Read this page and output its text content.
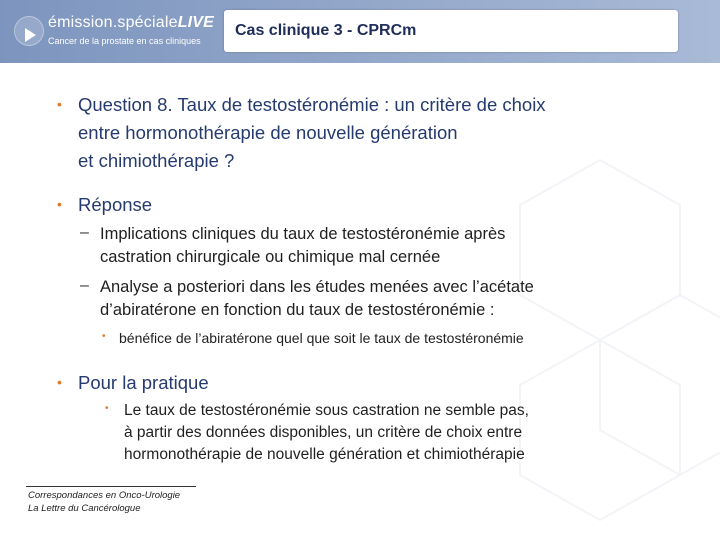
émission.spécialeLIVE
Cancer de la prostate en cas cliniques
Cas clinique 3 - CPRCm
• Question 8. Taux de testostéronémie : un critère de choix
entre hormonothérapie de nouvelle génération
et chimiothérapie ?
• Réponse
– Implications cliniques du taux de testostéronémie après
castration chirurgicale ou chimique mal cernée
– Analyse a posteriori dans les études menées avec l’acétate
d’abiratérone en fonction du taux de testostéronémie :
• bénéfice de l’abiratérone quel que soit le taux de testostéronémie
• Pour la pratique
• Le taux de testostéronémie sous castration ne semble pas,
à partir des données disponibles, un critère de choix entre
hormonothérapie de nouvelle génération et chimiothérapie
Correspondances en Onco-Urologie
La Lettre du Cancérologue
